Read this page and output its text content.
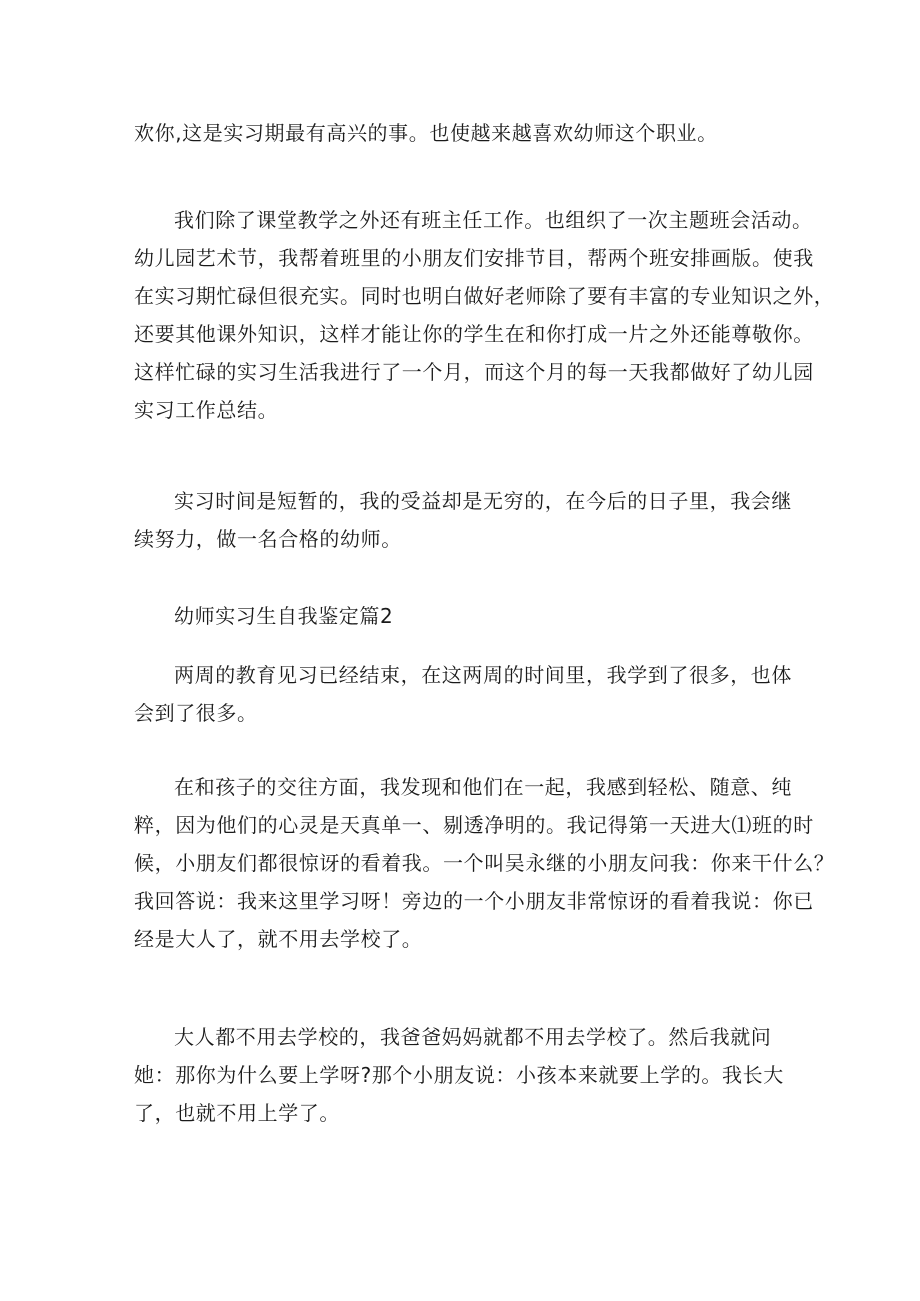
欢你,这是实习期最有高兴的事。也使越来越喜欢幼师这个职业。
我们除了课堂教学之外还有班主任工作。也组织了一次主题班会活动。
幼儿园艺术节，我帮着班里的小朋友们安排节目，帮两个班安排画版。使我
在实习期忙碌但很充实。同时也明白做好老师除了要有丰富的专业知识之外，
还要其他课外知识，这样才能让你的学生在和你打成一片之外还能尊敬你。
这样忙碌的实习生活我进行了一个月，而这个月的每一天我都做好了幼儿园
实习工作总结。
实习时间是短暂的，我的受益却是无穷的，在今后的日子里，我会继
续努力，做一名合格的幼师。
幼师实习生自我鉴定篇2
两周的教育见习已经结束，在这两周的时间里，我学到了很多，也体
会到了很多。
在和孩子的交往方面，我发现和他们在一起，我感到轻松、随意、纯
粹，因为他们的心灵是天真单一、剔透净明的。我记得第一天进大⑴班的时
候，小朋友们都很惊讶的看着我。一个叫吴永继的小朋友问我：你来干什么？
我回答说：我来这里学习呀！旁边的一个小朋友非常惊讶的看着我说：你已
经是大人了，就不用去学校了。
大人都不用去学校的，我爸爸妈妈就都不用去学校了。然后我就问
她：那你为什么要上学呀?那个小朋友说：小孩本来就要上学的。我长大
了，也就不用上学了。
